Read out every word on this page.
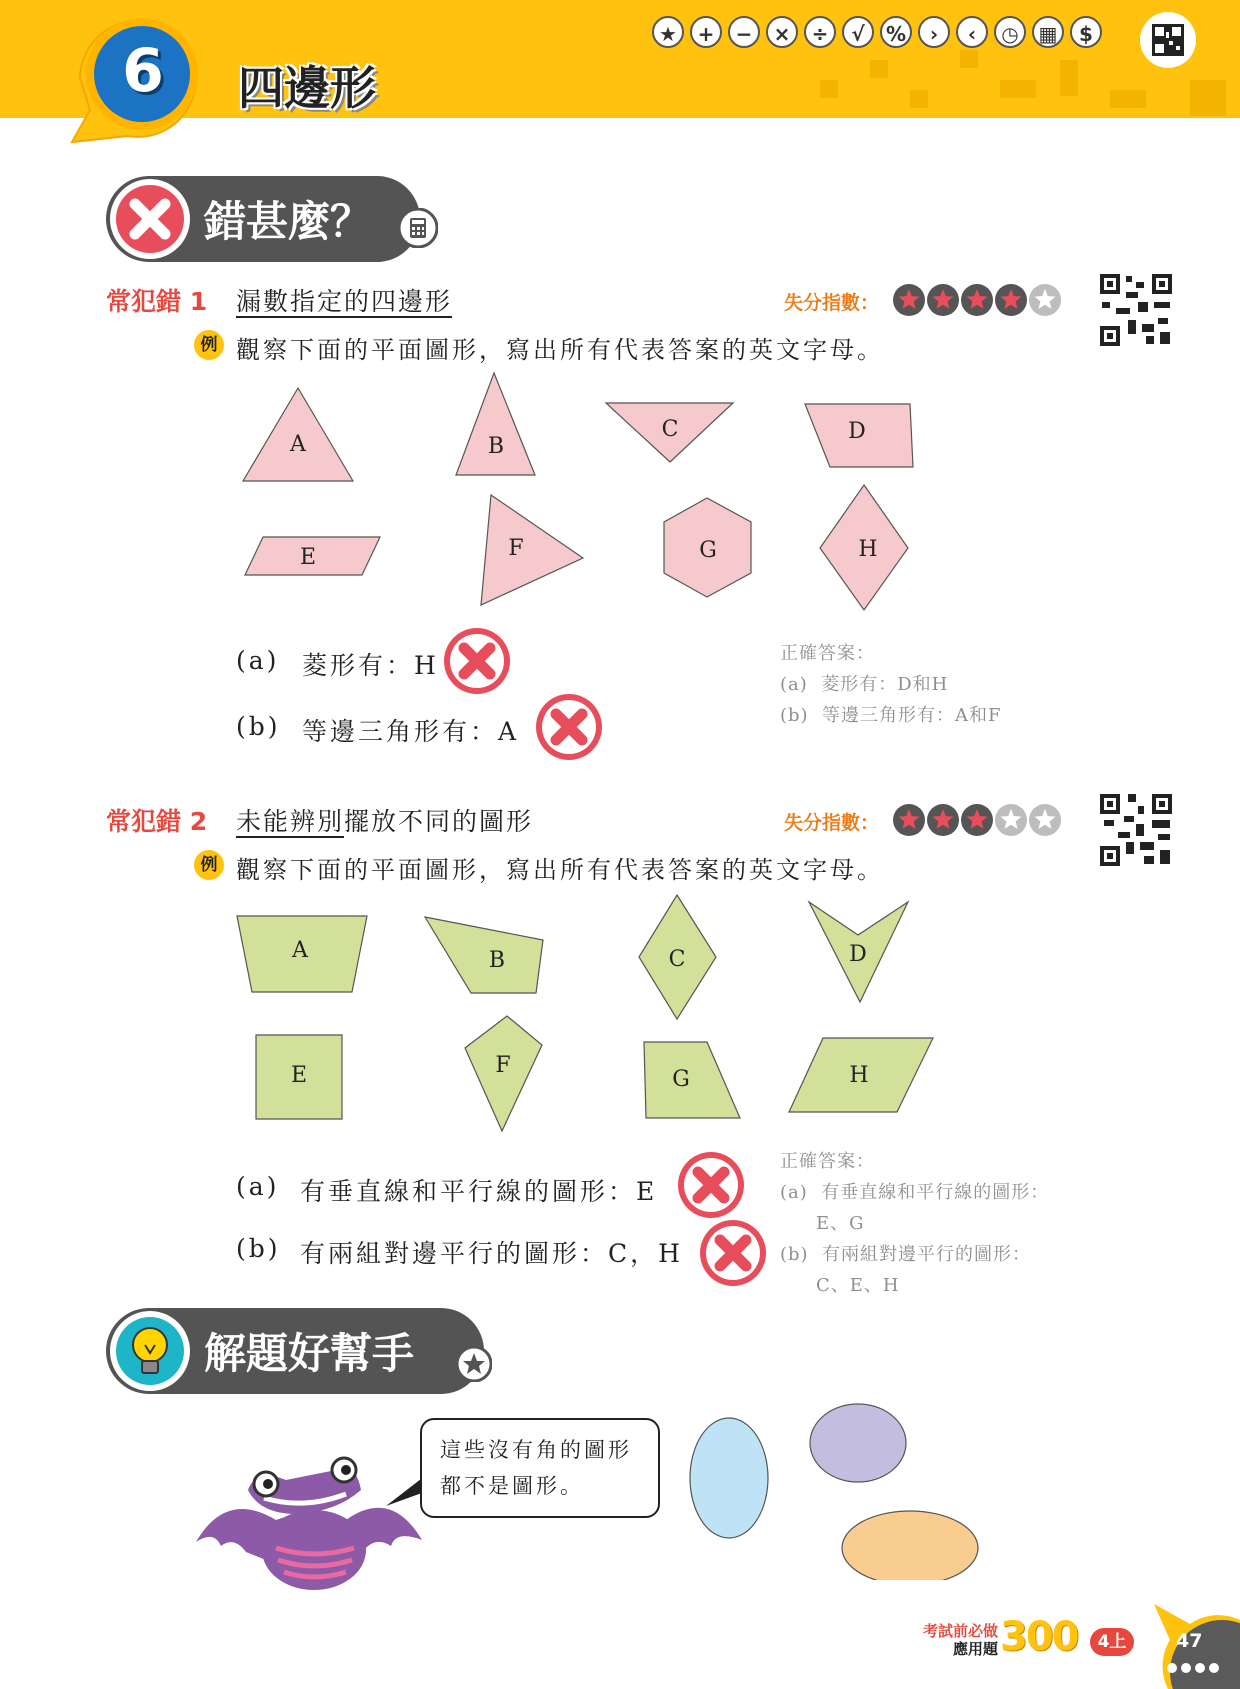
6 四邊形
★ + − × ÷ √ % › ‹ ◷ ▦ $
錯甚麼？
常犯錯 1 漏數指定的四邊形	失分指數：
例 觀察下面的平面圖形，寫出所有代表答案的英文字母。
A	B
C	D
E	F	G	H
(a) 菱形有：H
(b) 等邊三角形有：A
正確答案：
(a) 菱形有：D和H
(b) 等邊三角形有：A和F
常犯錯 2 未能辨別擺放不同的圖形	失分指數：
例 觀察下面的平面圖形，寫出所有代表答案的英文字母。
A	B	C	D
E	F
G	H
(a) 有垂直線和平行線的圖形：E
(b) 有兩組對邊平行的圖形：C，H
正確答案：
(a) 有垂直線和平行線的圖形：
E、G
(b) 有兩組對邊平行的圖形：
C、E、H
解題好幫手
這些沒有角的圖形
都不是圖形。
考試前必做
應用題 300	4上	47
